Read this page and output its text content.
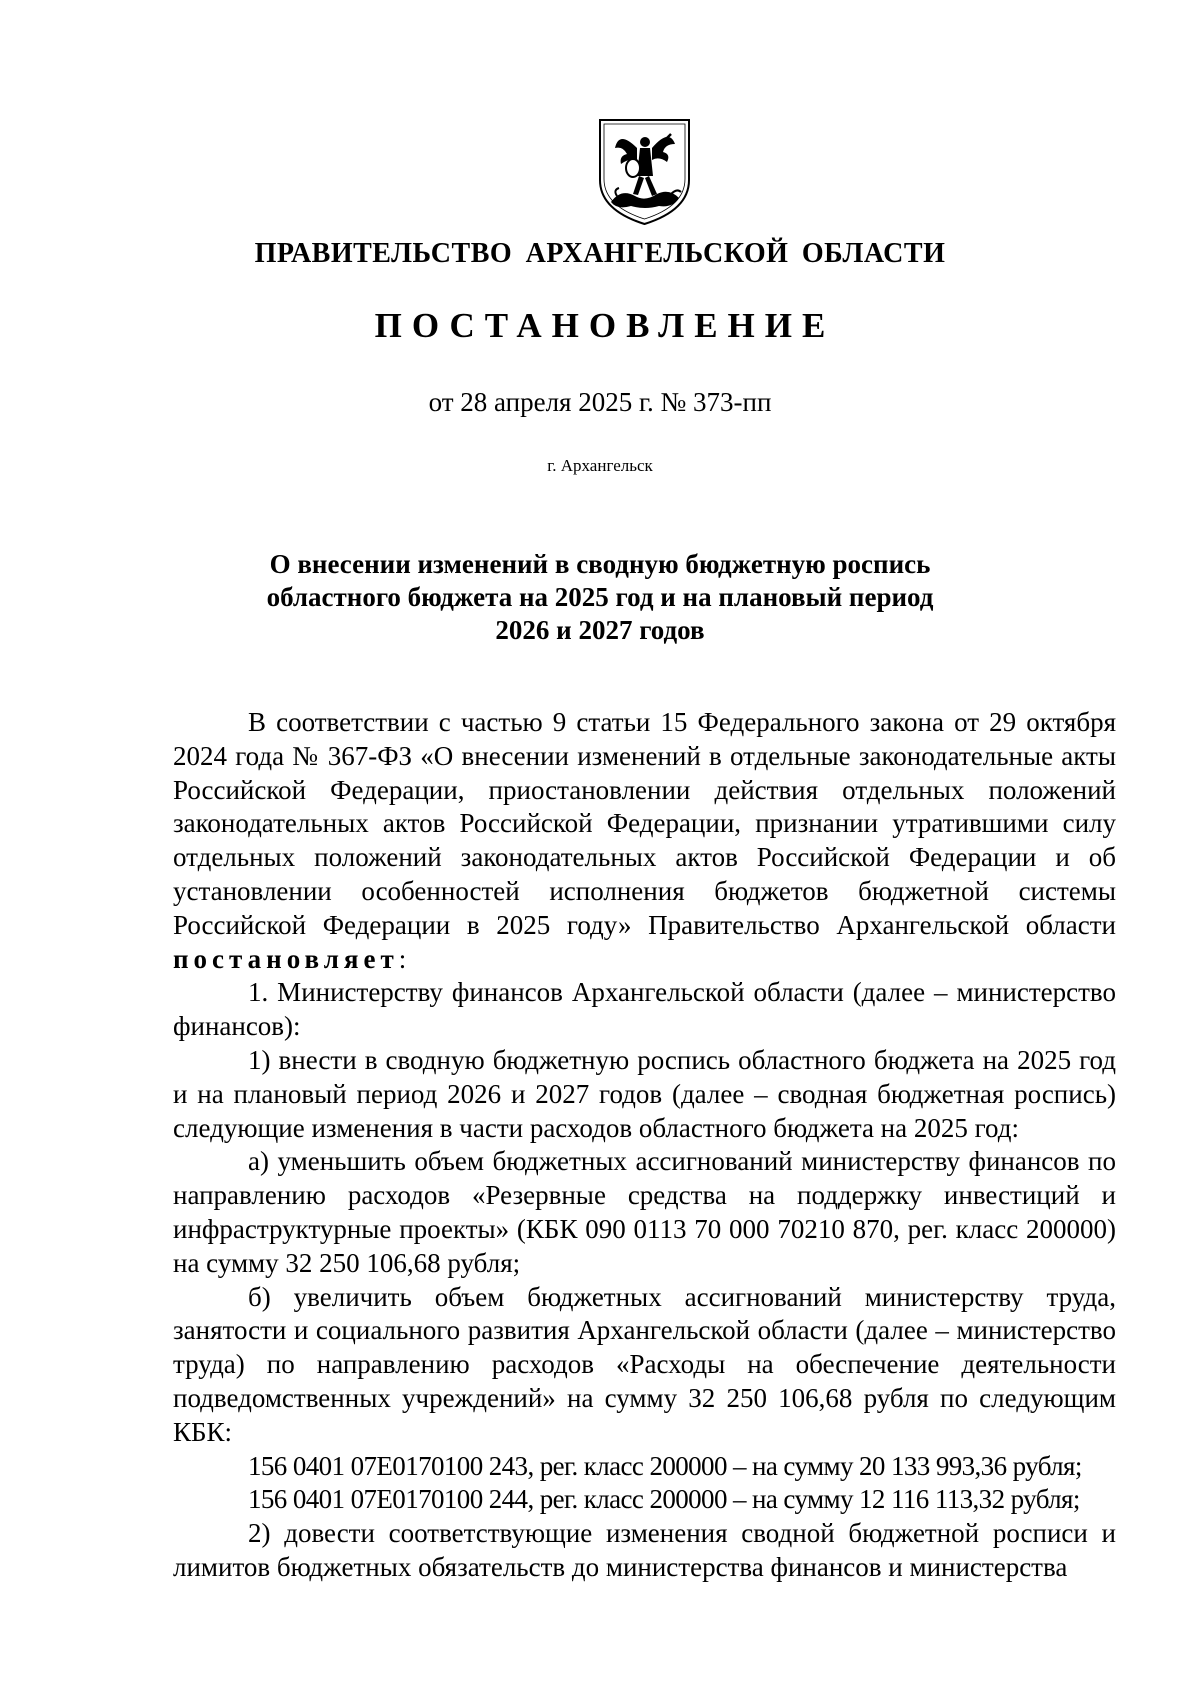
ПРАВИТЕЛЬСТВО АРХАНГЕЛЬСКОЙ ОБЛАСТИ
ПОСТАНОВЛЕНИЕ
от 28 апреля 2025 г. № 373-пп
г. Архангельск
О внесении изменений в сводную бюджетную роспись
областного бюджета на 2025 год и на плановый период
2026 и 2027 годов

В соответствии с частью 9 статьи 15 Федерального закона от 29 октября 2024 года № 367-ФЗ «О внесении изменений в отдельные законодательные акты Российской Федерации, приостановлении действия отдельных положений законодательных актов Российской Федерации, признании утратившими силу отдельных положений законодательных актов Российской Федерации и об установлении особенностей исполнения бюджетов бюджетной системы Российской Федерации в 2025 году» Правительство Архангельской области постановляет:

1. Министерству финансов Архангельской области (далее – министерство финансов):

1) внести в сводную бюджетную роспись областного бюджета на 2025 год и на плановый период 2026 и 2027 годов (далее – сводная бюджетная роспись) следующие изменения в части расходов областного бюджета на 2025 год:

а) уменьшить объем бюджетных ассигнований министерству финансов по направлению расходов «Резервные средства на поддержку инвестиций и инфраструктурные проекты» (КБК 090 0113 70 000 70210 870, рег. класс 200000) на сумму 32 250 106,68 рубля;

б) увеличить объем бюджетных ассигнований министерству труда, занятости и социального развития Архангельской области (далее – министерство труда) по направлению расходов «Расходы на обеспечение деятельности подведомственных учреждений» на сумму 32 250 106,68 рубля по следующим КБК:

156 0401 07Е0170100 243, рег. класс 200000 – на сумму 20 133 993,36 рубля;

156 0401 07Е0170100 244, рег. класс 200000 – на сумму 12 116 113,32 рубля;

2) довести соответствующие изменения сводной бюджетной росписи и лимитов бюджетных обязательств до министерства финансов и министерства
